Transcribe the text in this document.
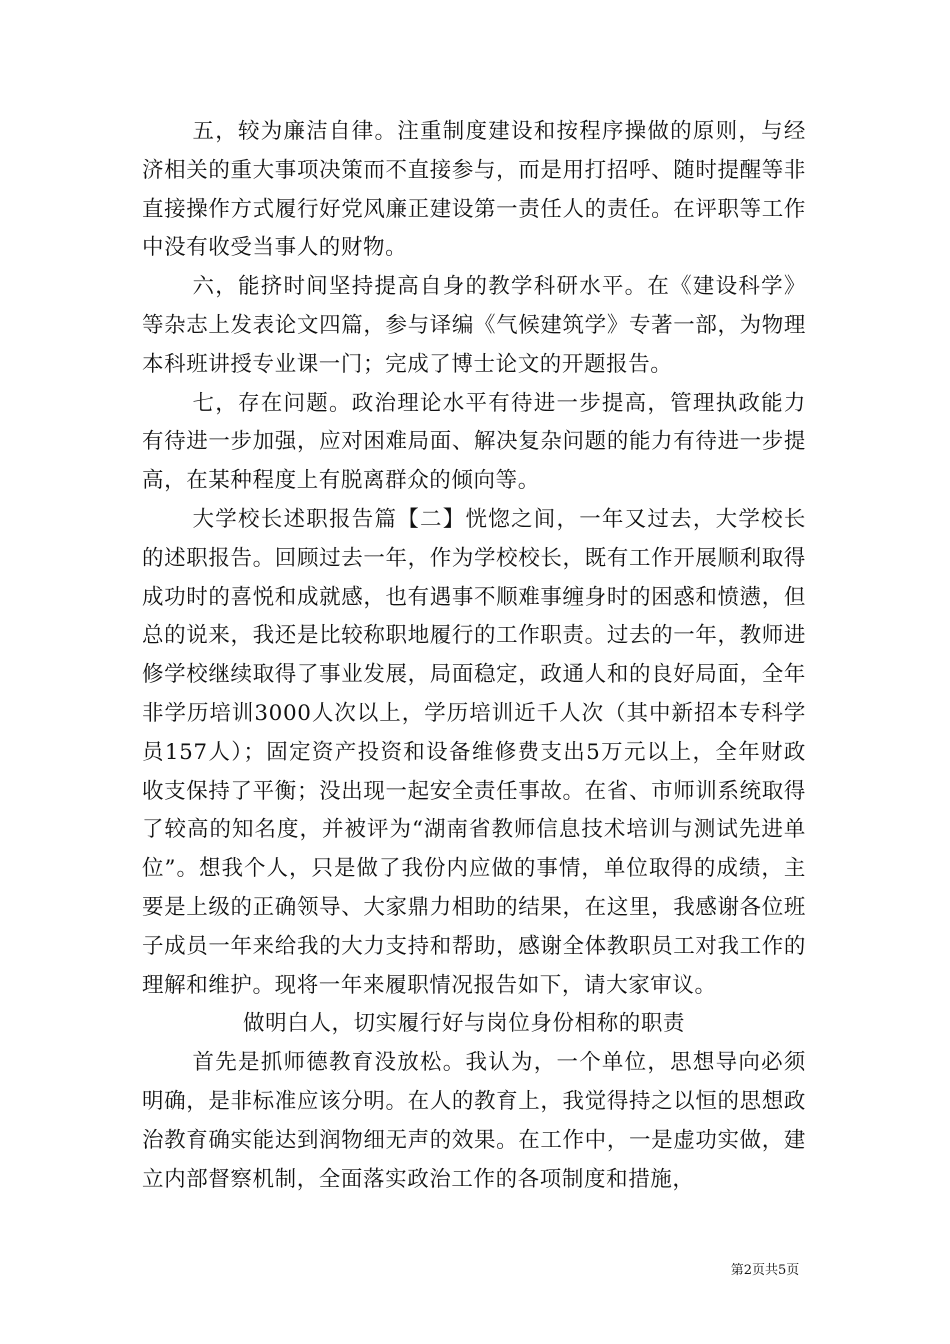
五，较为廉洁自律。注重制度建设和按程序操做的原则，与经济相关的重大事项决策而不直接参与，而是用打招呼、随时提醒等非直接操作方式履行好党风廉正建设第一责任人的责任。在评职等工作中没有收受当事人的财物。

六，能挤时间坚持提高自身的教学科研水平。在《建设科学》等杂志上发表论文四篇，参与译编《气候建筑学》专著一部，为物理本科班讲授专业课一门；完成了博士论文的开题报告。

七，存在问题。政治理论水平有待进一步提高，管理执政能力有待进一步加强，应对困难局面、解决复杂问题的能力有待进一步提高，在某种程度上有脱离群众的倾向等。

大学校长述职报告篇【二】恍惚之间，一年又过去，大学校长的述职报告。回顾过去一年，作为学校校长，既有工作开展顺利取得成功时的喜悦和成就感，也有遇事不顺难事缠身时的困惑和愤懑，但总的说来，我还是比较称职地履行的工作职责。过去的一年，教师进修学校继续取得了事业发展，局面稳定，政通人和的良好局面，全年非学历培训3000人次以上，学历培训近千人次（其中新招本专科学员157人）；固定资产投资和设备维修费支出5万元以上，全年财政收支保持了平衡；没出现一起安全责任事故。在省、市师训系统取得了较高的知名度，并被评为“湖南省教师信息技术培训与测试先进单位”。想我个人，只是做了我份内应做的事情，单位取得的成绩，主要是上级的正确领导、大家鼎力相助的结果，在这里，我感谢各位班子成员一年来给我的大力支持和帮助，感谢全体教职员工对我工作的理解和维护。现将一年来履职情况报告如下，请大家审议。

做明白人，切实履行好与岗位身份相称的职责

首先是抓师德教育没放松。我认为，一个单位，思想导向必须明确，是非标准应该分明。在人的教育上，我觉得持之以恒的思想政治教育确实能达到润物细无声的效果。在工作中，一是虚功实做，建立内部督察机制，全面落实政治工作的各项制度和措施，

第2页共5页
